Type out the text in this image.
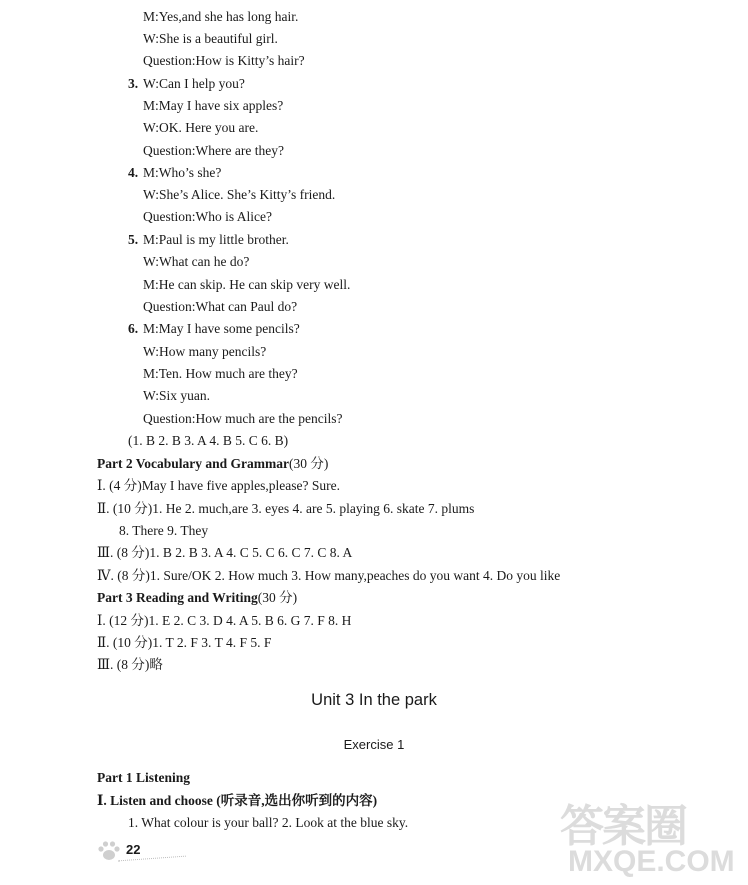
M:Yes,and she has long hair.
W:She is a beautiful girl.
Question:How is Kitty’s hair?
3. W:Can I help you?
M:May I have six apples?
W:OK. Here you are.
Question:Where are they?
4. M:Who’s she?
W:She’s Alice. She’s Kitty’s friend.
Question:Who is Alice?
5. M:Paul is my little brother.
W:What can he do?
M:He can skip. He can skip very well.
Question:What can Paul do?
6. M:May I have some pencils?
W:How many pencils?
M:Ten. How much are they?
W:Six yuan.
Question:How much are the pencils?
(1. B 2. B 3. A 4. B 5. C 6. B)
Part 2 Vocabulary and Grammar(30 分)
Ⅰ. (4 分)May I have five apples,please? Sure.
Ⅱ. (10 分)1. He 2. much,are 3. eyes 4. are 5. playing 6. skate 7. plums
8. There 9. They
Ⅲ. (8 分)1. B 2. B 3. A 4. C 5. C 6. C 7. C 8. A
Ⅳ. (8 分)1. Sure/OK 2. How much 3. How many,peaches do you want 4. Do you like
Part 3 Reading and Writing(30 分)
Ⅰ. (12 分)1. E 2. C 3. D 4. A 5. B 6. G 7. F 8. H
Ⅱ. (10 分)1. T 2. F 3. T 4. F 5. F
Ⅲ. (8 分)略
Unit 3 In the park
Exercise 1
Part 1 Listening
Ⅰ. Listen and choose (听录音,选出你听到的内容)
1. What colour is your ball? 2. Look at the blue sky.
22	答案圈
MXQE.COM
